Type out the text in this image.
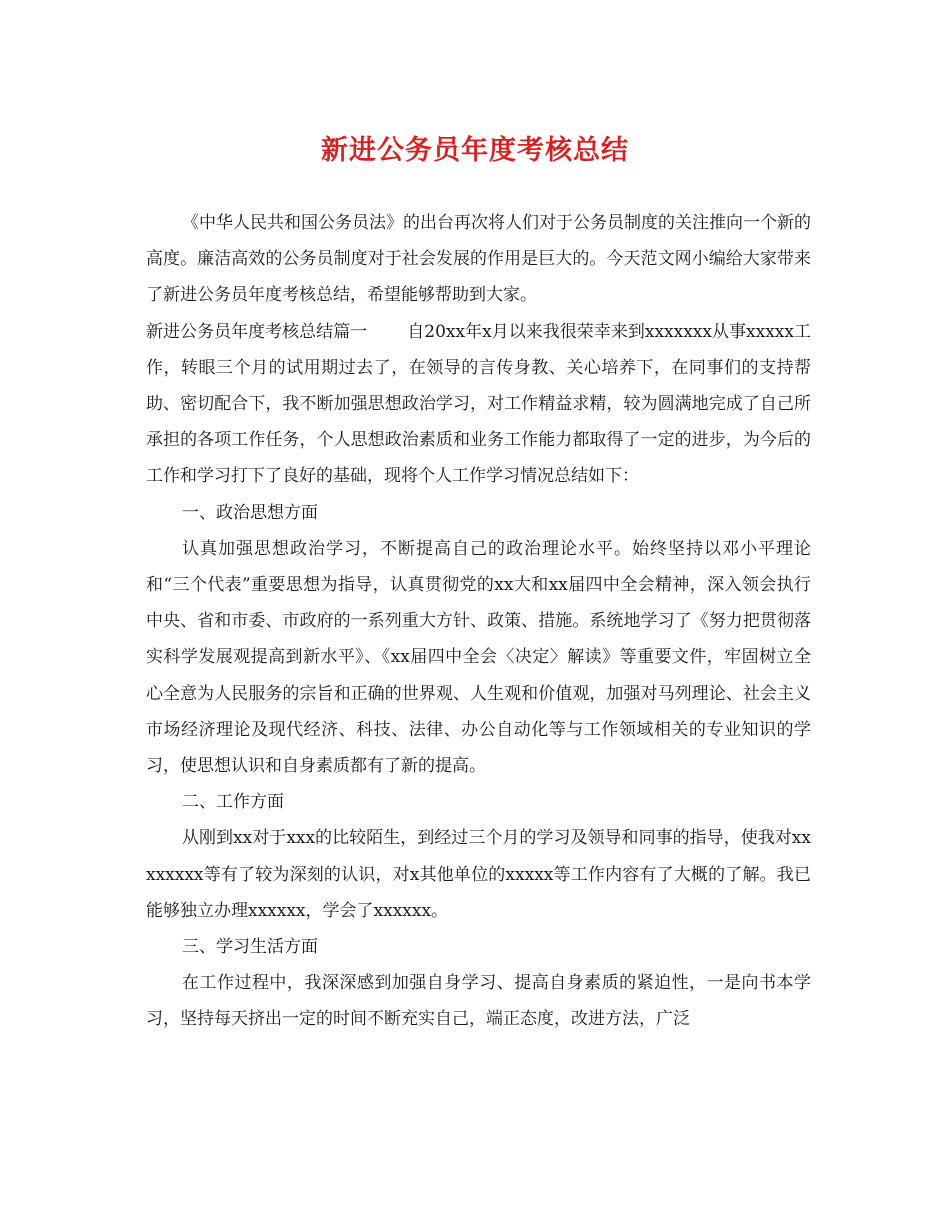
新进公务员年度考核总结

《中华人民共和国公务员法》的出台再次将人们对于公务员制度的关注推向一个新的高度。廉洁高效的公务员制度对于社会发展的作用是巨大的。今天范文网小编给大家带来了新进公务员年度考核总结，希望能够帮助到大家。

新进公务员年度考核总结篇一 自20xx年x月以来我很荣幸来到xxxxxxx从事xxxxx工作，转眼三个月的试用期过去了，在领导的言传身教、关心培养下，在同事们的支持帮助、密切配合下，我不断加强思想政治学习，对工作精益求精，较为圆满地完成了自己所承担的各项工作任务，个人思想政治素质和业务工作能力都取得了一定的进步，为今后的工作和学习打下了良好的基础，现将个人工作学习情况总结如下：

一、政治思想方面

认真加强思想政治学习，不断提高自己的政治理论水平。始终坚持以邓小平理论和“三个代表”重要思想为指导，认真贯彻党的xx大和xx届四中全会精神，深入领会执行中央、省和市委、市政府的一系列重大方针、政策、措施。系统地学习了《努力把贯彻落实科学发展观提高到新水平》、《xx届四中全会〈决定〉解读》等重要文件，牢固树立全心全意为人民服务的宗旨和正确的世界观、人生观和价值观，加强对马列理论、社会主义市场经济理论及现代经济、科技、法律、办公自动化等与工作领域相关的专业知识的学习，使思想认识和自身素质都有了新的提高。

二、工作方面

从刚到xx对于xxx的比较陌生，到经过三个月的学习及领导和同事的指导，使我对xxxxxxxx等有了较为深刻的认识，对x其他单位的xxxxx等工作内容有了大概的了解。我已能够独立办理xxxxxx，学会了xxxxxx。

三、学习生活方面

在工作过程中，我深深感到加强自身学习、提高自身素质的紧迫性，一是向书本学习，坚持每天挤出一定的时间不断充实自己，端正态度，改进方法，广泛
